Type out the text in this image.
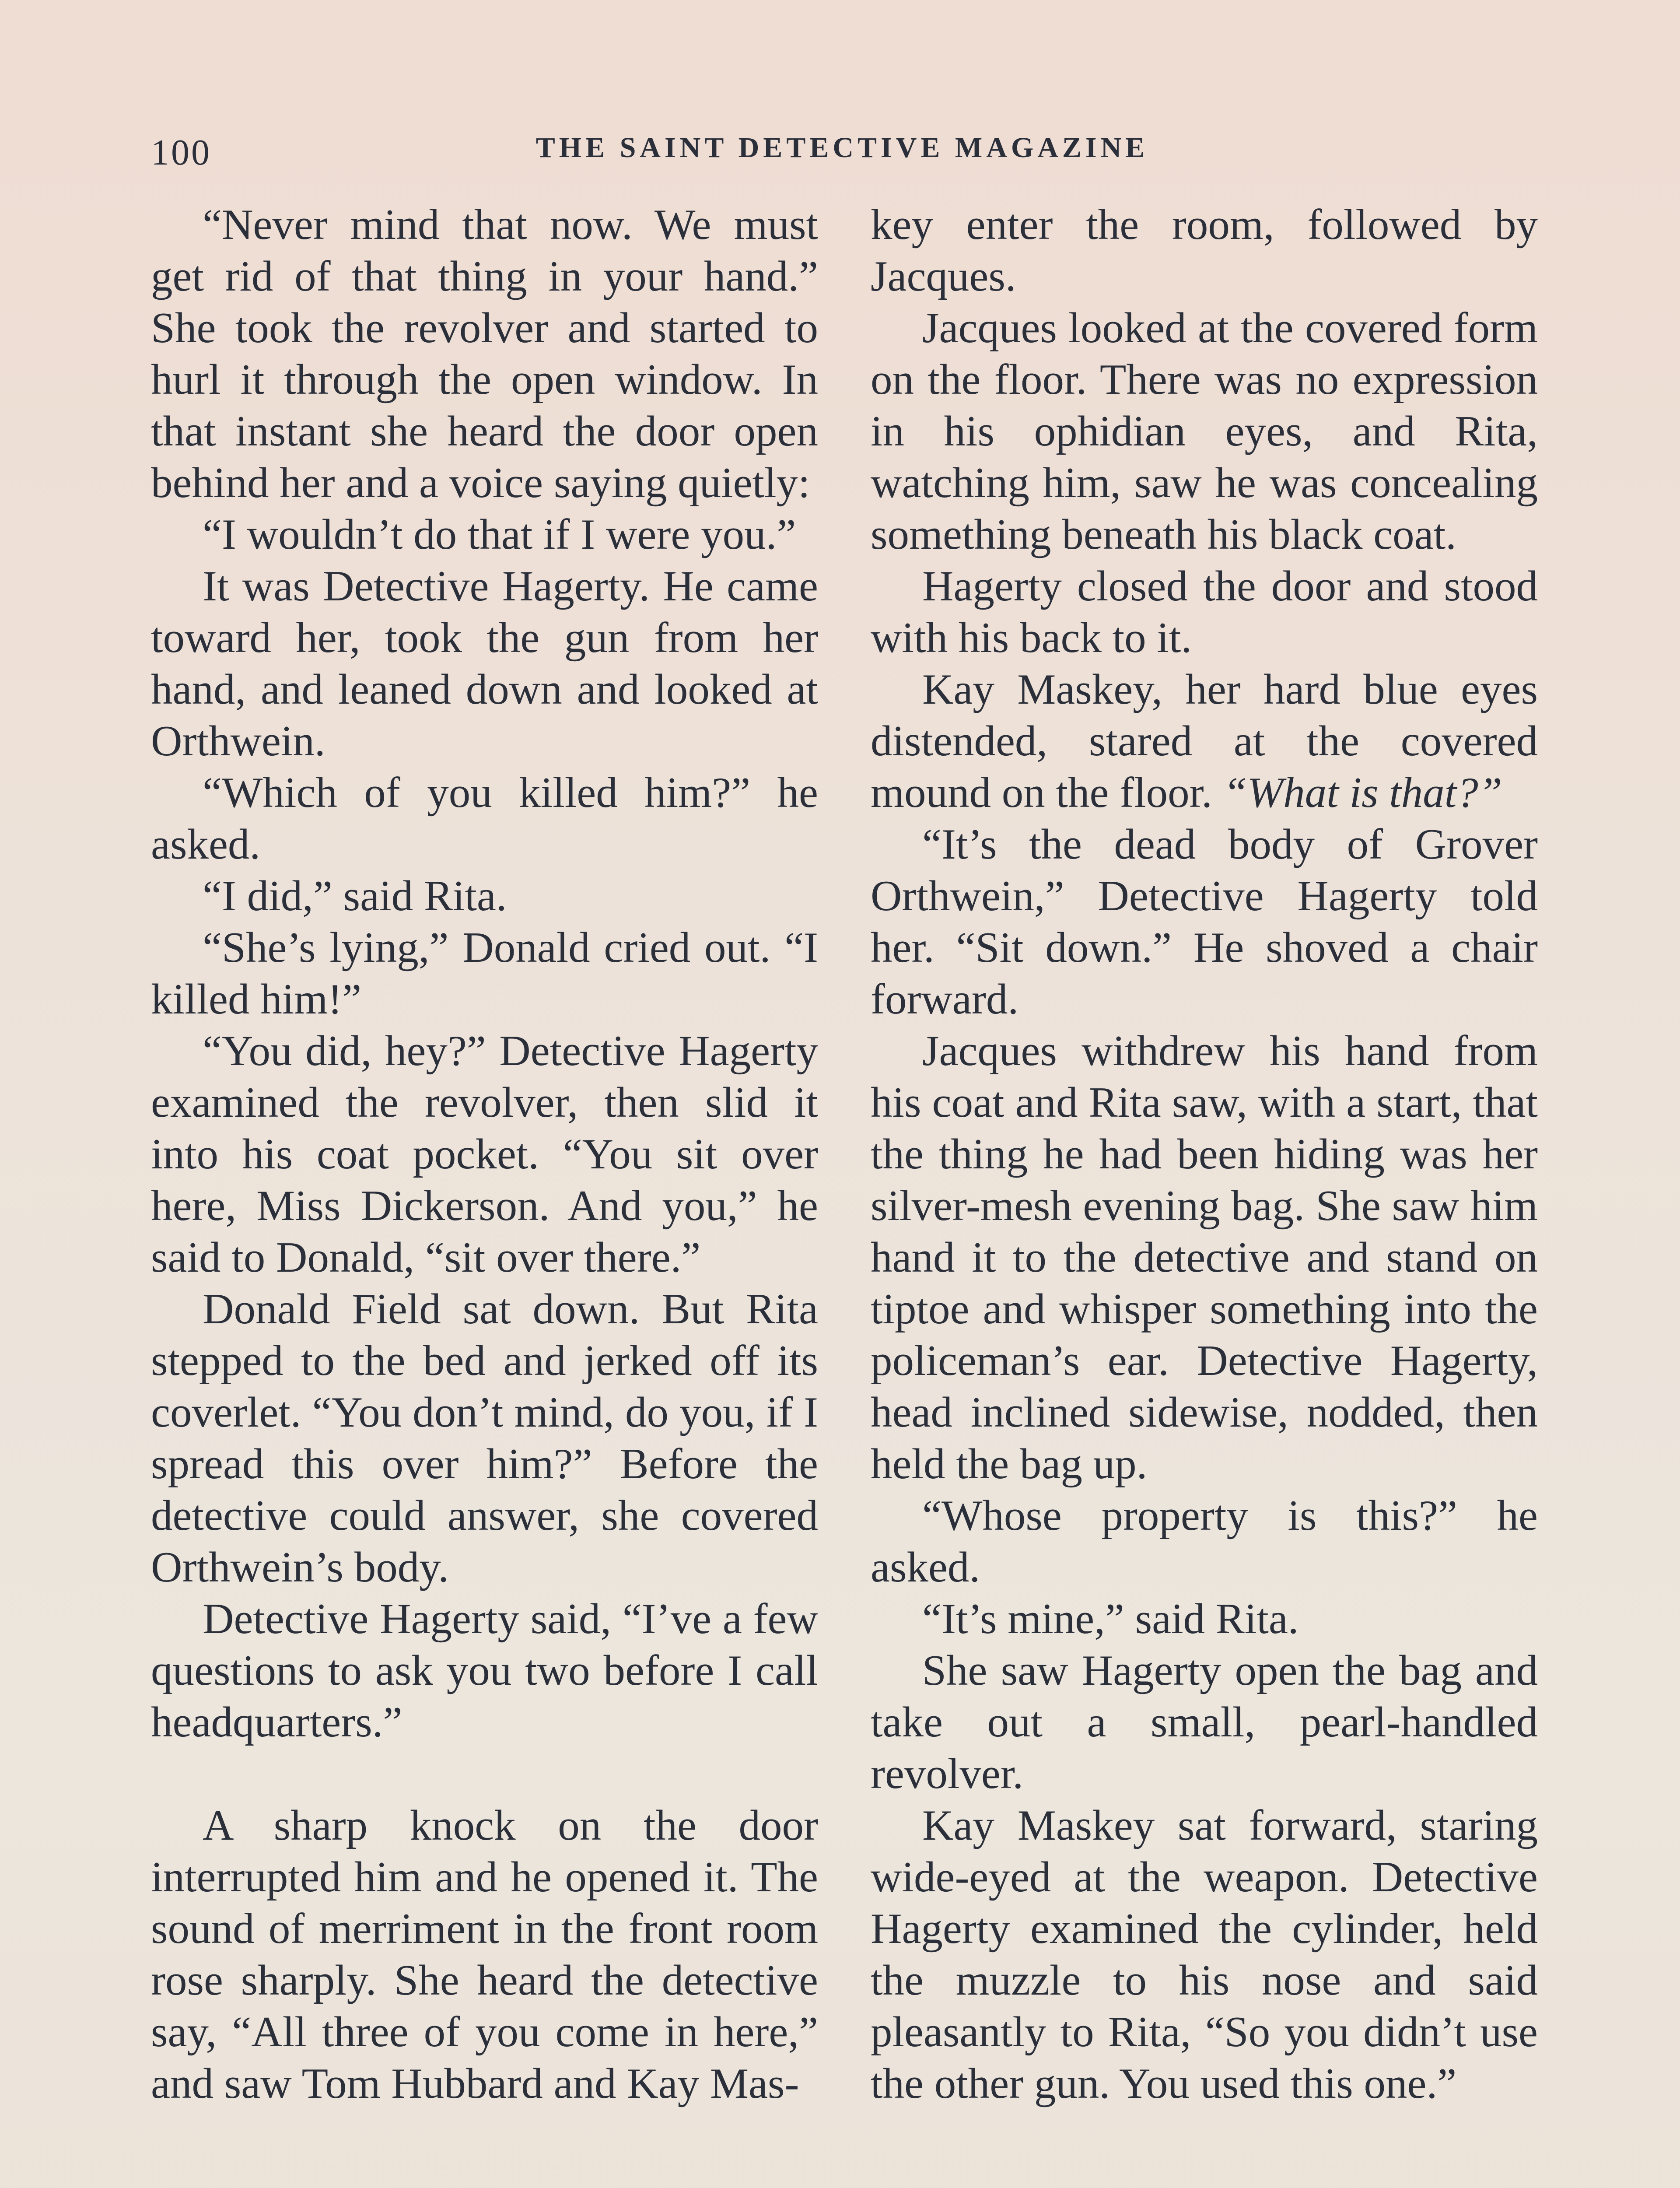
100	THE SAINT DETECTIVE MAGAZINE

“Never mind that now. We must get rid of that thing in your hand.” She took the revolver and started to hurl it through the open window. In that instant she heard the door open behind her and a voice saying quietly:

“I wouldn’t do that if I were you.”

It was Detective Hagerty. He came toward her, took the gun from her hand, and leaned down and looked at Orthwein.

“Which of you killed him?” he asked.

“I did,” said Rita.

“She’s lying,” Donald cried out. “I killed him!”

“You did, hey?” Detective Hagerty examined the revolver, then slid it into his coat pocket. “You sit over here, Miss Dickerson. And you,” he said to Donald, “sit over there.”

Donald Field sat down. But Rita stepped to the bed and jerked off its coverlet. “You don’t mind, do you, if I spread this over him?” Before the detective could answer, she covered Orthwein’s body.

Detective Hagerty said, “I’ve a few questions to ask you two before I call headquarters.”

A sharp knock on the door interrupted him and he opened it. The sound of merriment in the front room rose sharply. She heard the detective say, “All three of you come in here,” and saw Tom Hubbard and Kay Mas-

key enter the room, followed by Jacques.

Jacques looked at the covered form on the floor. There was no expression in his ophidian eyes, and Rita, watching him, saw he was concealing something beneath his black coat.

Hagerty closed the door and stood with his back to it.

Kay Maskey, her hard blue eyes distended, stared at the covered mound on the floor. “What is that?”

“It’s the dead body of Grover Orthwein,” Detective Hagerty told her. “Sit down.” He shoved a chair forward.

Jacques withdrew his hand from his coat and Rita saw, with a start, that the thing he had been hiding was her silver-mesh evening bag. She saw him hand it to the detective and stand on tiptoe and whisper something into the policeman’s ear. Detective Hagerty, head inclined sidewise, nodded, then held the bag up.

“Whose property is this?” he asked.

“It’s mine,” said Rita.

She saw Hagerty open the bag and take out a small, pearl-handled revolver.

Kay Maskey sat forward, staring wide-eyed at the weapon. Detective Hagerty examined the cylinder, held the muzzle to his nose and said pleasantly to Rita, “So you didn’t use the other gun. You used this one.”
